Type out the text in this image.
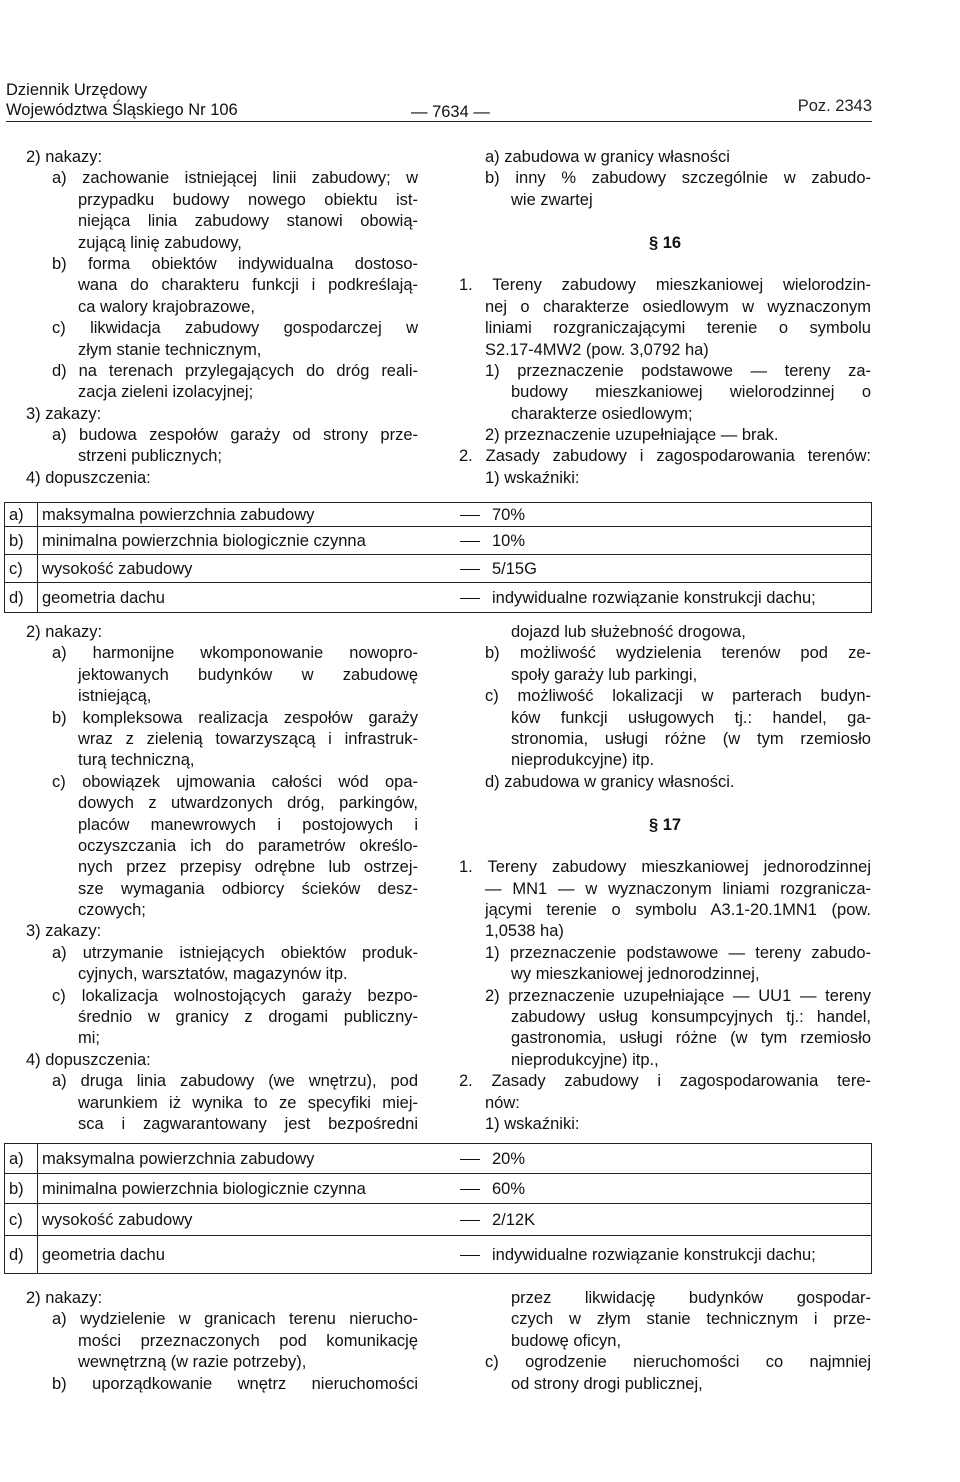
Dziennik Urzędowy
Województwa Śląskiego Nr 106	— 7634 —	Poz. 2343
2) nakazy:
a) zachowanie istniejącej linii zabudowy; w
przypadku budowy nowego obiektu ist-
niejąca linia zabudowy stanowi obowią-
zującą linię zabudowy,
b) forma obiektów indywidualna dostoso-
wana do charakteru funkcji i podkreślają-
ca walory krajobrazowe,
c) likwidacja zabudowy gospodarczej w
złym stanie technicznym,
d) na terenach przylegających do dróg reali-
zacja zieleni izolacyjnej;
3) zakazy:
a) budowa zespołów garaży od strony prze-
strzeni publicznych;
4) dopuszczenia:
a) zabudowa w granicy własności
b) inny % zabudowy szczególnie w zabudo-
wie zwartej
§ 16
1. Tereny zabudowy mieszkaniowej wielorodzin-
nej o charakterze osiedlowym w wyznaczonym
liniami rozgraniczającymi terenie o symbolu
S2.17-4MW2 (pow. 3,0792 ha)
1) przeznaczenie podstawowe — tereny za-
budowy mieszkaniowej wielorodzinnej o
charakterze osiedlowym;
2) przeznaczenie uzupełniające — brak.
2. Zasady zabudowy i zagospodarowania terenów:
1) wskaźniki:
a)	maksymalna powierzchnia zabudowy	70%
b)	minimalna powierzchnia biologicznie czynna	10%
c)	wysokość zabudowy	5/15G
d)	geometria dachu	indywidualne rozwiązanie konstrukcji dachu;
2) nakazy:
a) harmonijne wkomponowanie nowopro-
jektowanych budynków w zabudowę
istniejącą,
b) kompleksowa realizacja zespołów garaży
wraz z zielenią towarzyszącą i infrastruk-
turą techniczną,
c) obowiązek ujmowania całości wód opa-
dowych z utwardzonych dróg, parkingów,
placów manewrowych i postojowych i
oczyszczania ich do parametrów określo-
nych przez przepisy odrębne lub ostrzej-
sze wymagania odbiorcy ścieków desz-
czowych;
3) zakazy:
a) utrzymanie istniejących obiektów produk-
cyjnych, warsztatów, magazynów itp.
c) lokalizacja wolnostojących garaży bezpo-
średnio w granicy z drogami publiczny-
mi;
4) dopuszczenia:
a) druga linia zabudowy (we wnętrzu), pod
warunkiem iż wynika to ze specyfiki miej-
sca i zagwarantowany jest bezpośredni
dojazd lub służebność drogowa,
b) możliwość wydzielenia terenów pod ze-
społy garaży lub parkingi,
c) możliwość lokalizacji w parterach budyn-
ków funkcji usługowych tj.: handel, ga-
stronomia, usługi różne (w tym rzemiosło
nieprodukcyjne) itp.
d) zabudowa w granicy własności.
§ 17
1. Tereny zabudowy mieszkaniowej jednorodzinnej
— MN1 — w wyznaczonym liniami rozgranicza-
jącymi terenie o symbolu A3.1-20.1MN1 (pow.
1,0538 ha)
1) przeznaczenie podstawowe — tereny zabudo-
wy mieszkaniowej jednorodzinnej,
2) przeznaczenie uzupełniające — UU1 — tereny
zabudowy usług konsumpcyjnych tj.: handel,
gastronomia, usługi różne (w tym rzemiosło
nieprodukcyjne) itp.,
2. Zasady zabudowy i zagospodarowania tere-
nów:
1) wskaźniki:
a)	maksymalna powierzchnia zabudowy	20%
b)	minimalna powierzchnia biologicznie czynna	60%
c)	wysokość zabudowy	2/12K
d)	geometria dachu	indywidualne rozwiązanie konstrukcji dachu;
2) nakazy:
a) wydzielenie w granicach terenu nierucho-
mości przeznaczonych pod komunikację
wewnętrzną (w razie potrzeby),
b) uporządkowanie wnętrz nieruchomości
przez likwidację budynków gospodar-
czych w złym stanie technicznym i prze-
budowę oficyn,
c) ogrodzenie nieruchomości co najmniej
od strony drogi publicznej,
